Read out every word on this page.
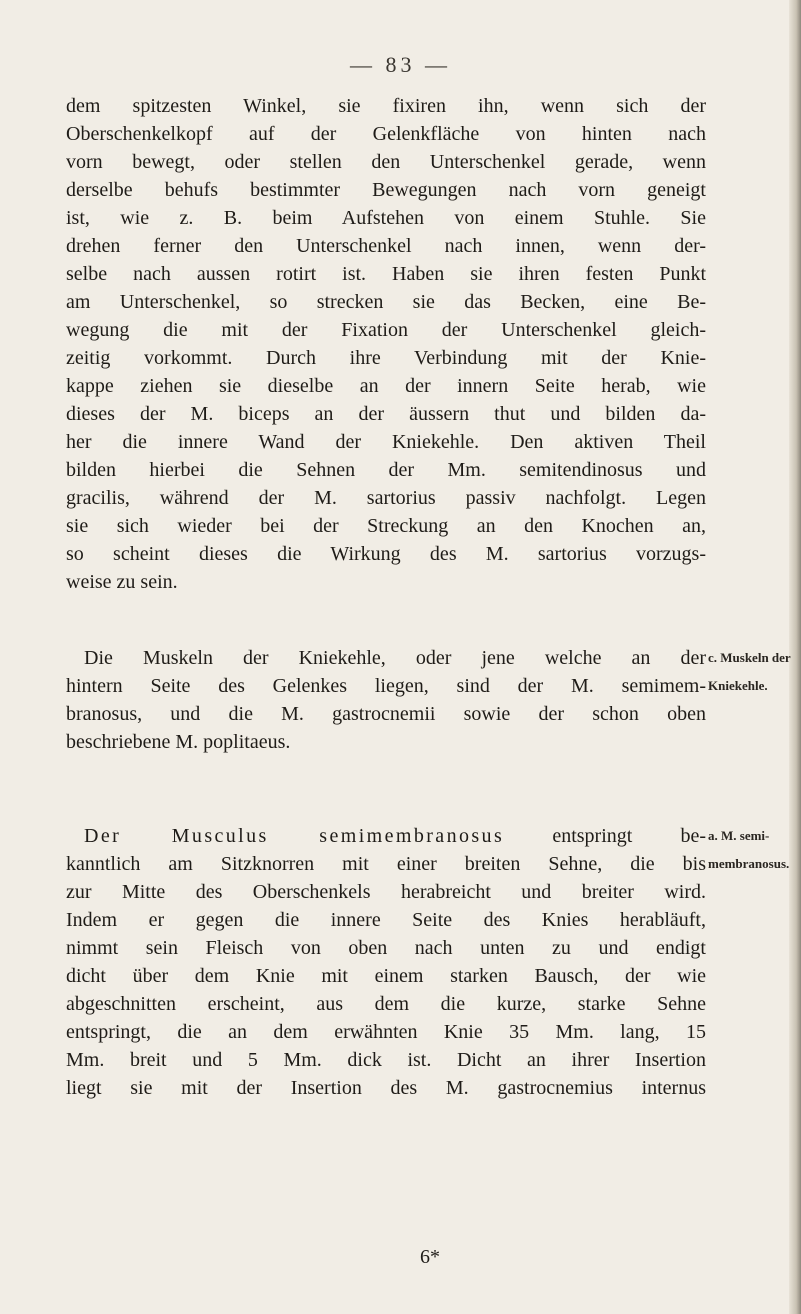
— 83 —
dem spitzesten Winkel, sie fixiren ihn, wenn sich der
Oberschenkelkopf auf der Gelenkfläche von hinten nach
vorn bewegt, oder stellen den Unterschenkel gerade, wenn
derselbe behufs bestimmter Bewegungen nach vorn geneigt
ist, wie z. B. beim Aufstehen von einem Stuhle. Sie
drehen ferner den Unterschenkel nach innen, wenn der-
selbe nach aussen rotirt ist. Haben sie ihren festen Punkt
am Unterschenkel, so strecken sie das Becken, eine Be-
wegung die mit der Fixation der Unterschenkel gleich-
zeitig vorkommt. Durch ihre Verbindung mit der Knie-
kappe ziehen sie dieselbe an der innern Seite herab, wie
dieses der M. biceps an der äussern thut und bilden da-
her die innere Wand der Kniekehle. Den aktiven Theil
bilden hierbei die Sehnen der Mm. semitendinosus und
gracilis, während der M. sartorius passiv nachfolgt. Legen
sie sich wieder bei der Streckung an den Knochen an,
so scheint dieses die Wirkung des M. sartorius vorzugs-
weise zu sein.
Die Muskeln der Kniekehle, oder jene welche an der
hintern Seite des Gelenkes liegen, sind der M. semimem-
branosus, und die M. gastrocnemii sowie der schon oben
beschriebene M. poplitaeus.
c. Muskeln der
Kniekehle.
Der Musculus semimembranosus entspringt be-
kanntlich am Sitzknorren mit einer breiten Sehne, die bis
zur Mitte des Oberschenkels herabreicht und breiter wird.
Indem er gegen die innere Seite des Knies herabläuft,
nimmt sein Fleisch von oben nach unten zu und endigt
dicht über dem Knie mit einem starken Bausch, der wie
abgeschnitten erscheint, aus dem die kurze, starke Sehne
entspringt, die an dem erwähnten Knie 35 Mm. lang, 15
Mm. breit und 5 Mm. dick ist. Dicht an ihrer Insertion
liegt sie mit der Insertion des M. gastrocnemius internus
a. M. semi-
membranosus.
6*
